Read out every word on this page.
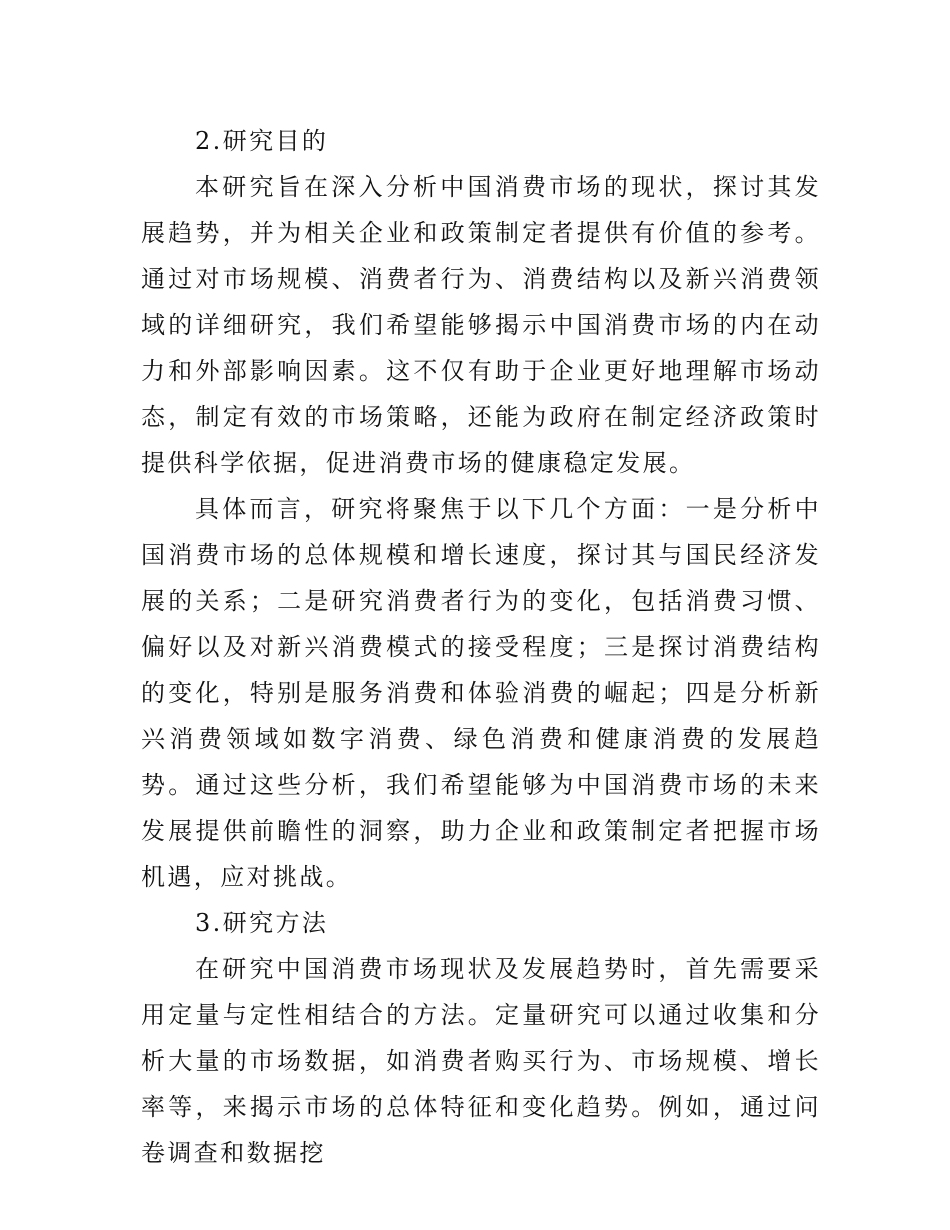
2.研究目的

本研究旨在深入分析中国消费市场的现状，探讨其发展趋势，并为相关企业和政策制定者提供有价值的参考。通过对市场规模、消费者行为、消费结构以及新兴消费领域的详细研究，我们希望能够揭示中国消费市场的内在动力和外部影响因素。这不仅有助于企业更好地理解市场动态，制定有效的市场策略，还能为政府在制定经济政策时提供科学依据，促进消费市场的健康稳定发展。

具体而言，研究将聚焦于以下几个方面：一是分析中国消费市场的总体规模和增长速度，探讨其与国民经济发展的关系；二是研究消费者行为的变化，包括消费习惯、偏好以及对新兴消费模式的接受程度；三是探讨消费结构的变化，特别是服务消费和体验消费的崛起；四是分析新兴消费领域如数字消费、绿色消费和健康消费的发展趋势。通过这些分析，我们希望能够为中国消费市场的未来发展提供前瞻性的洞察，助力企业和政策制定者把握市场机遇，应对挑战。

3.研究方法

在研究中国消费市场现状及发展趋势时，首先需要采用定量与定性相结合的方法。定量研究可以通过收集和分析大量的市场数据，如消费者购买行为、市场规模、增长率等，来揭示市场的总体特征和变化趋势。例如，通过问卷调查和数据挖
